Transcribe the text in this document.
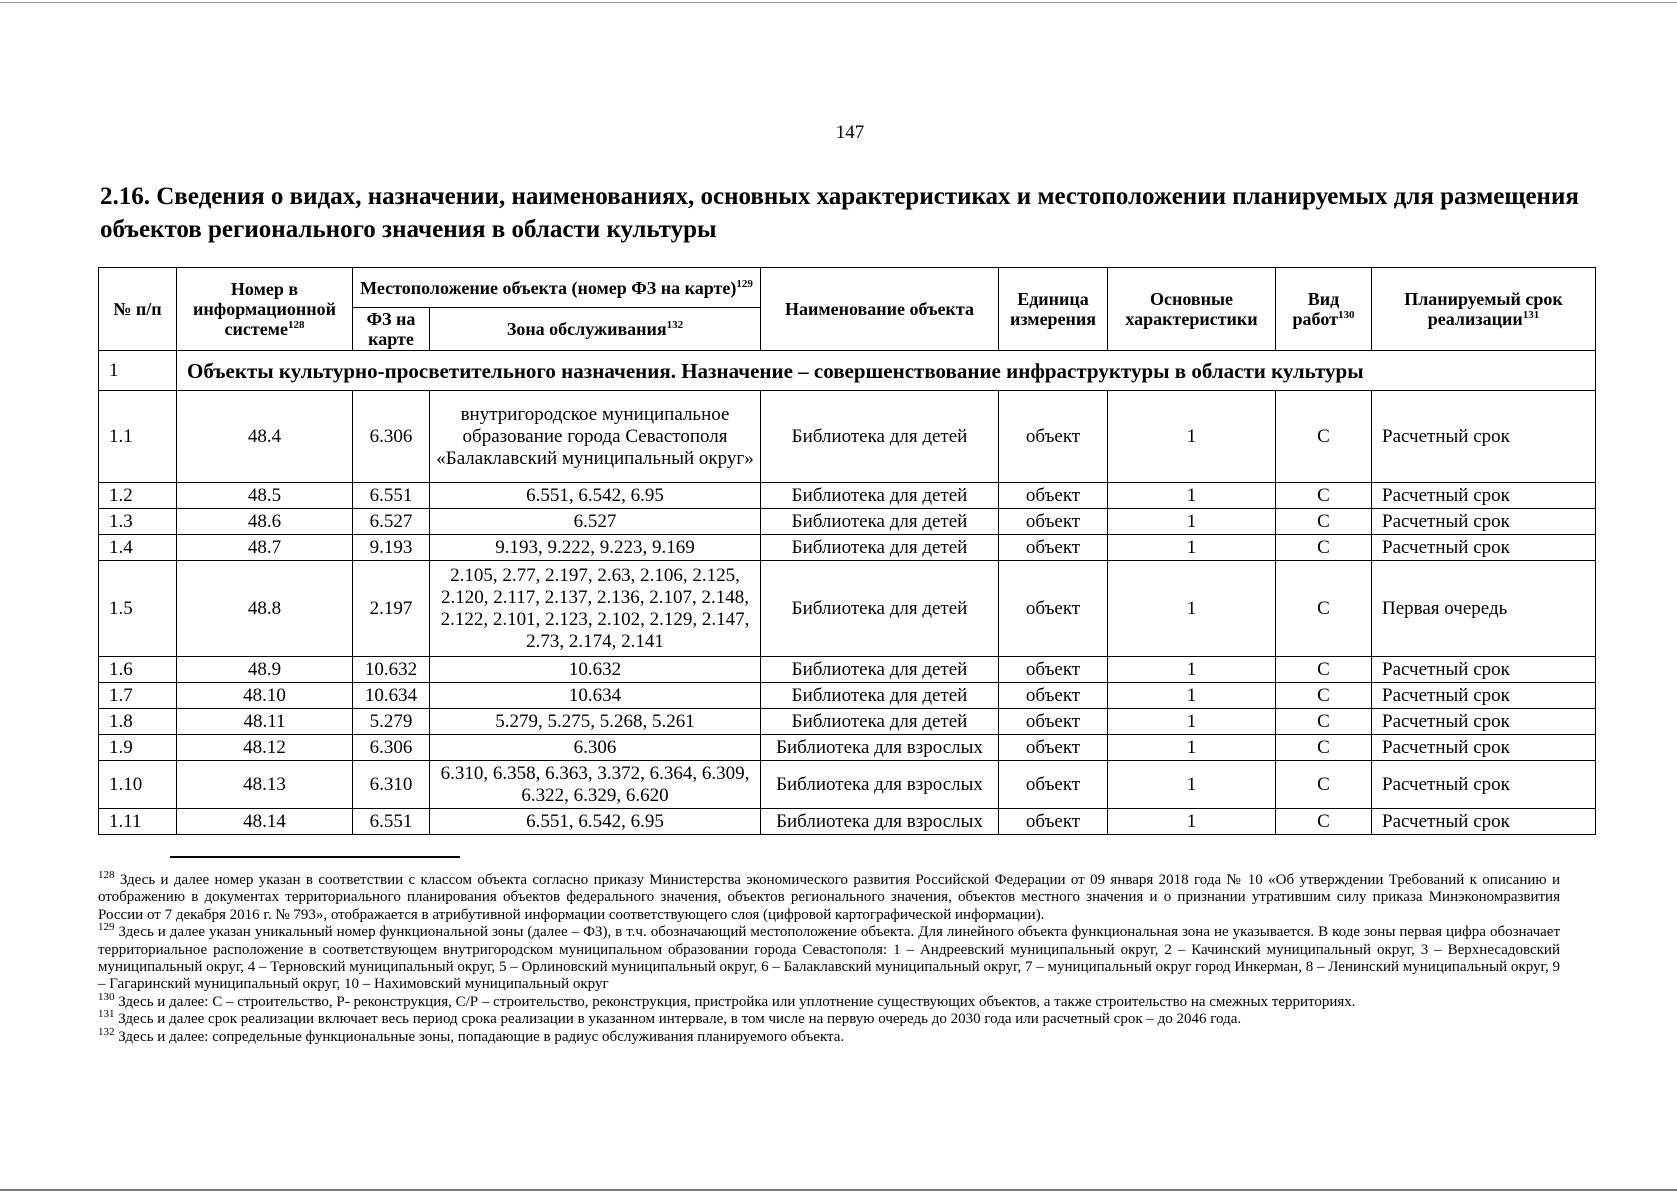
147
2.16. Сведения о видах, назначении, наименованиях, основных характеристиках и местоположении планируемых для размещения объектов регионального значения в области культуры
№ п/п	Номер в информационной системе$^{128}$	Местоположение объекта (номер ФЗ на карте)$^{129}$		Наименование объекта	Единица измерения	Основные характеристики	Вид работ$^{130}$	Планируемый срок реализации$^{131}$
		ФЗ на карте	Зона обслуживания$^{132}$
1	Объекты культурно-просветительного назначения. Назначение – совершенствование инфраструктуры в области культуры							
1.1	48.4	6.306	внутригородское муниципальное образование города Севастополя «Балаклавский муниципальный округ»	Библиотека для детей	объект	1	С	Расчетный срок
1.2	48.5	6.551	6.551, 6.542, 6.95	Библиотека для детей	объект	1	С	Расчетный срок
1.3	48.6	6.527	6.527	Библиотека для детей	объект	1	С	Расчетный срок
1.4	48.7	9.193	9.193, 9.222, 9.223, 9.169	Библиотека для детей	объект	1	С	Расчетный срок
1.5	48.8	2.197	2.105, 2.77, 2.197, 2.63, 2.106, 2.125, 2.120, 2.117, 2.137, 2.136, 2.107, 2.148, 2.122, 2.101, 2.123, 2.102, 2.129, 2.147, 2.73, 2.174, 2.141	Библиотека для детей	объект	1	С	Первая очередь
1.6	48.9	10.632	10.632	Библиотека для детей	объект	1	С	Расчетный срок
1.7	48.10	10.634	10.634	Библиотека для детей	объект	1	С	Расчетный срок
1.8	48.11	5.279	5.279, 5.275, 5.268, 5.261	Библиотека для детей	объект	1	С	Расчетный срок
1.9	48.12	6.306	6.306	Библиотека для взрослых	объект	1	С	Расчетный срок
1.10	48.13	6.310	6.310, 6.358, 6.363, 3.372, 6.364, 6.309, 6.322, 6.329, 6.620	Библиотека для взрослых	объект	1	С	Расчетный срок
1.11	48.14	6.551	6.551, 6.542, 6.95	Библиотека для взрослых	объект	1	С	Расчетный срок

$^{128}$ Здесь и далее номер указан в соответствии с классом объекта согласно приказу Министерства экономического развития Российской Федерации от 09 января 2018 года № 10 «Об утверждении Требований к описанию и отображению в документах территориального планирования объектов федерального значения, объектов регионального значения, объектов местного значения и о признании утратившим силу приказа Минэкономразвития России от 7 декабря 2016 г. № 793», отображается в атрибутивной информации соответствующего слоя (цифровой картографической информации).

$^{129}$ Здесь и далее указан уникальный номер функциональной зоны (далее – ФЗ), в т.ч. обозначающий местоположение объекта. Для линейного объекта функциональная зона не указывается. В коде зоны первая цифра обозначает территориальное расположение в соответствующем внутригородском муниципальном образовании города Севастополя: 1 – Андреевский муниципальный округ, 2 – Качинский муниципальный округ, 3 – Верхнесадовский муниципальный округ, 4 – Терновский муниципальный округ, 5 – Орлиновский муниципальный округ, 6 – Балаклавский муниципальный округ, 7 – муниципальный округ город Инкерман, 8 – Ленинский муниципальный округ, 9 – Гагаринский муниципальный округ, 10 – Нахимовский муниципальный округ

$^{130}$ Здесь и далее: С – строительство, Р- реконструкция, С/Р – строительство, реконструкция, пристройка или уплотнение существующих объектов, а также строительство на смежных территориях.

$^{131}$ Здесь и далее срок реализации включает весь период срока реализации в указанном интервале, в том числе на первую очередь до 2030 года или расчетный срок – до 2046 года.

$^{132}$ Здесь и далее: сопредельные функциональные зоны, попадающие в радиус обслуживания планируемого объекта.
